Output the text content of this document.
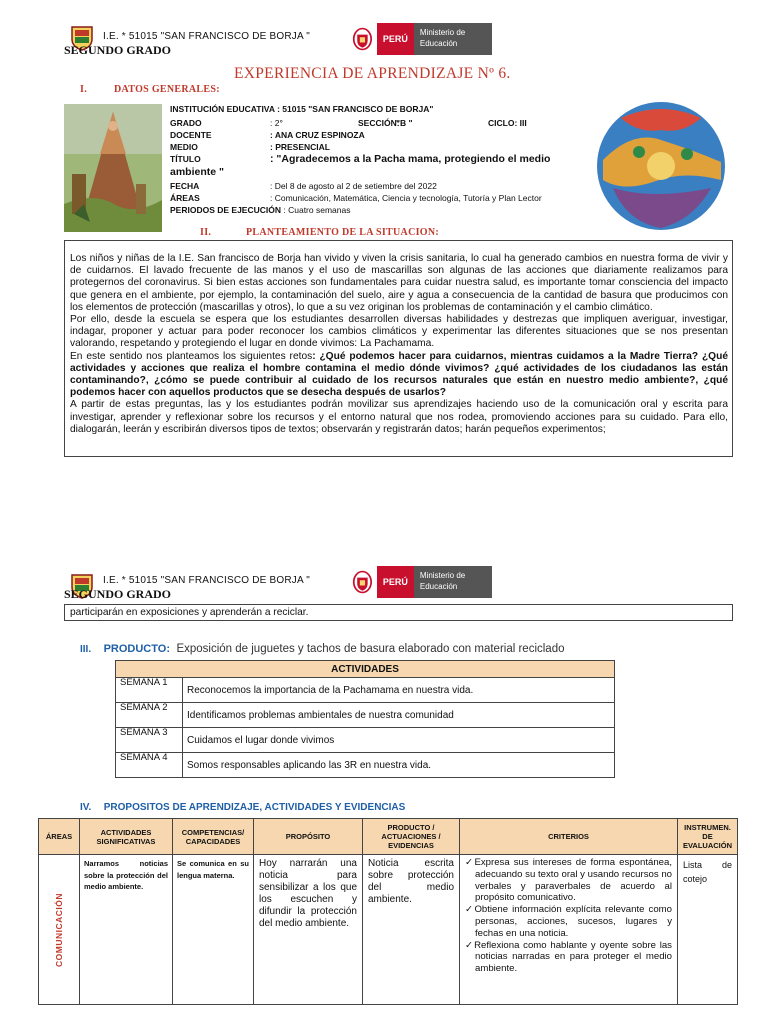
I.E. * 51015 "SAN FRANCISCO DE BORJA "
SEGUNDO GRADO
PERÚ
Ministerio de Educación
EXPERIENCIA DE APRENDIZAJE Nº 6.
I.	DATOS GENERALES:
INSTITUCIÓN EDUCATIVA : 51015 "SAN FRANCISCO DE BORJA"
GRADO	: 2°	SECCIÓN:
"B "	CICLO: III
DOCENTE	: ANA CRUZ ESPINOZA
MEDIO	: PRESENCIAL
TÍTULO	: "Agradecemos a la Pacha mama, protegiendo el medio
ambiente "
FECHA	: Del 8 de agosto al 2 de setiembre del 2022
ÁREAS	: Comunicación, Matemática, Ciencia y tecnología, Tutoría y Plan Lector
PERIODOS DE EJECUCIÓN : Cuatro semanas
II.	PLANTEAMIENTO DE LA SITUACION:

Los niños y niñas de la I.E. San francisco de Borja han vivido y viven la crisis sanitaria, lo cual ha generado cambios en nuestra forma de vivir y de cuidarnos. El lavado frecuente de las manos y el uso de mascarillas son algunas de las acciones que diariamente realizamos para protegernos del coronavirus. Si bien estas acciones son fundamentales para cuidar nuestra salud, es importante tomar consciencia del impacto que genera en el ambiente, por ejemplo, la contaminación del suelo, aire y agua a consecuencia de la cantidad de basura que producimos con los elementos de protección (mascarillas y otros), lo que a su vez originan los problemas de contaminación y el cambio climático.

Por ello, desde la escuela se espera que los estudiantes desarrollen diversas habilidades y destrezas que impliquen averiguar, investigar, indagar, proponer y actuar para poder reconocer los cambios climáticos y experimentar las diferentes situaciones que se nos presentan valorando, respetando y protegiendo el lugar en donde vivimos: La Pachamama.

En este sentido nos planteamos los siguientes retos: ¿Qué podemos hacer para cuidarnos, mientras cuidamos a la Madre Tierra? ¿Qué actividades y acciones que realiza el hombre contamina el medio dónde vivimos? ¿qué actividades de los ciudadanos las están contaminando?, ¿cómo se puede contribuir al cuidado de los recursos naturales que están en nuestro medio ambiente?, ¿qué podemos hacer con aquellos productos que se desecha después de usarlos?

A partir de estas preguntas, las y los estudiantes podrán movilizar sus aprendizajes haciendo uso de la comunicación oral y escrita para investigar, aprender y reflexionar sobre los recursos y el entorno natural que nos rodea, promoviendo acciones para su cuidado. Para ello, dialogarán, leerán y escribirán diversos tipos de textos; observarán y registrarán datos; harán pequeños experimentos;

I.E. * 51015 "SAN FRANCISCO DE BORJA "
SEGUNDO GRADO
PERÚ
Ministerio de Educación
participarán en exposiciones y aprenderán a reciclar.
III. PRODUCTO: Exposición de juguetes y tachos de basura elaborado con material reciclado
ACTIVIDADES	
SEMANA 1	Reconocemos la importancia de la Pachamama en nuestra vida.
SEMANA 2	Identificamos problemas ambientales de nuestra comunidad
SEMANA 3	Cuidamos el lugar donde vivimos
SEMANA 4	Somos responsables aplicando las 3R en nuestra vida.
IV. PROPOSITOS DE APRENDIZAJE, ACTIVIDADES Y EVIDENCIAS
ÁREAS	ACTIVIDADES SIGNIFICATIVAS	COMPETENCIAS/ CAPACIDADES	PROPÓSITO	PRODUCTO / ACTUACIONES / EVIDENCIAS	CRITERIOS	INSTRUMEN. DE EVALUACIÓN

COMUNICACIÓN	Narramos noticias sobre la protección del medio ambiente.	Se comunica en su lengua materna.	Hoy narrarán una noticia para sensibilizar a los que los escuchen y difundir la protección del medio ambiente.	Noticia escrita sobre protección del medio ambiente.	✓Expresa sus intereses de forma espontánea, adecuando su texto oral y usando recursos no verbales y paraverbales de acuerdo al propósito comunicativo.
✓Obtiene información explícita relevante como personas, acciones, sucesos, lugares y fechas en una noticia.
✓Reflexiona como hablante y oyente sobre las noticias narradas en para proteger el medio ambiente.	Lista de cotejo
